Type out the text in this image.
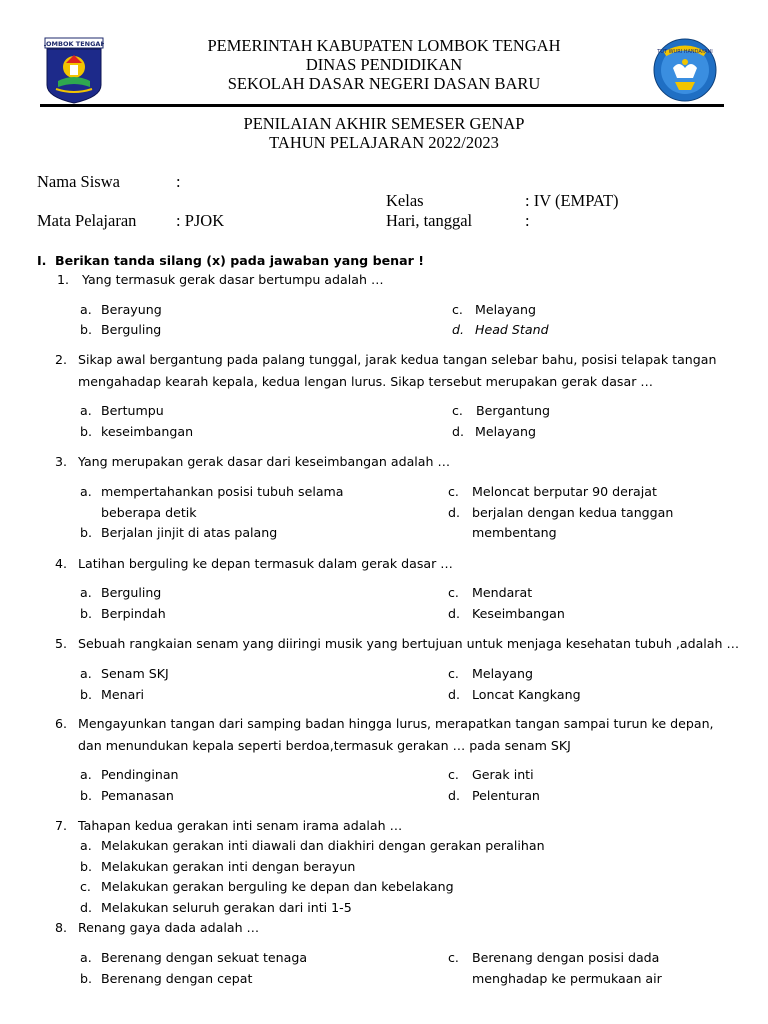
LOMBOK TENGAH
TUT WURI HANDAYANI
PEMERINTAH KABUPATEN LOMBOK TENGAH
DINAS PENDIDIKAN
SEKOLAH DASAR NEGERI DASAN BARU
PENILAIAN AKHIR SEMESER GENAP
TAHUN PELAJARAN 2022/2023
Nama Siswa	:
Kelas	: IV (EMPAT)
Mata Pelajaran : PJOK	Hari, tanggal	:
I. Berikan tanda silang (x) pada jawaban yang benar !
1. Yang termasuk gerak dasar bertumpu adalah …
a. Berayung
b. Berguling
c. Melayang
d. Head Stand
2. Sikap awal bergantung pada palang tunggal, jarak kedua tangan selebar bahu, posisi telapak tangan
mengahadap kearah kepala, kedua lengan lurus. Sikap tersebut merupakan gerak dasar …
a. Bertumpu
b. keseimbangan
c. Bergantung
d. Melayang
3. Yang merupakan gerak dasar dari keseimbangan adalah …
a. mempertahankan posisi tubuh selama
beberapa detik
b. Berjalan jinjit di atas palang
c. Meloncat berputar 90 derajat
d. berjalan dengan kedua tanggan
membentang
4. Latihan berguling ke depan termasuk dalam gerak dasar …
a. Berguling
b. Berpindah
c. Mendarat
d. Keseimbangan
5. Sebuah rangkaian senam yang diiringi musik yang bertujuan untuk menjaga kesehatan tubuh ,adalah …
a. Senam SKJ
b. Menari
c. Melayang
d. Loncat Kangkang
6. Mengayunkan tangan dari samping badan hingga lurus, merapatkan tangan sampai turun ke depan,
dan menundukan kepala seperti berdoa,termasuk gerakan … pada senam SKJ
a. Pendinginan
b. Pemanasan
c. Gerak inti
d. Pelenturan
7. Tahapan kedua gerakan inti senam irama adalah …
a. Melakukan gerakan inti diawali dan diakhiri dengan gerakan peralihan
b. Melakukan gerakan inti dengan berayun
c. Melakukan gerakan berguling ke depan dan kebelakang
d. Melakukan seluruh gerakan dari inti 1-5
8. Renang gaya dada adalah …
a. Berenang dengan sekuat tenaga
b. Berenang dengan cepat
c. Berenang dengan posisi dada
menghadap ke permukaan air
